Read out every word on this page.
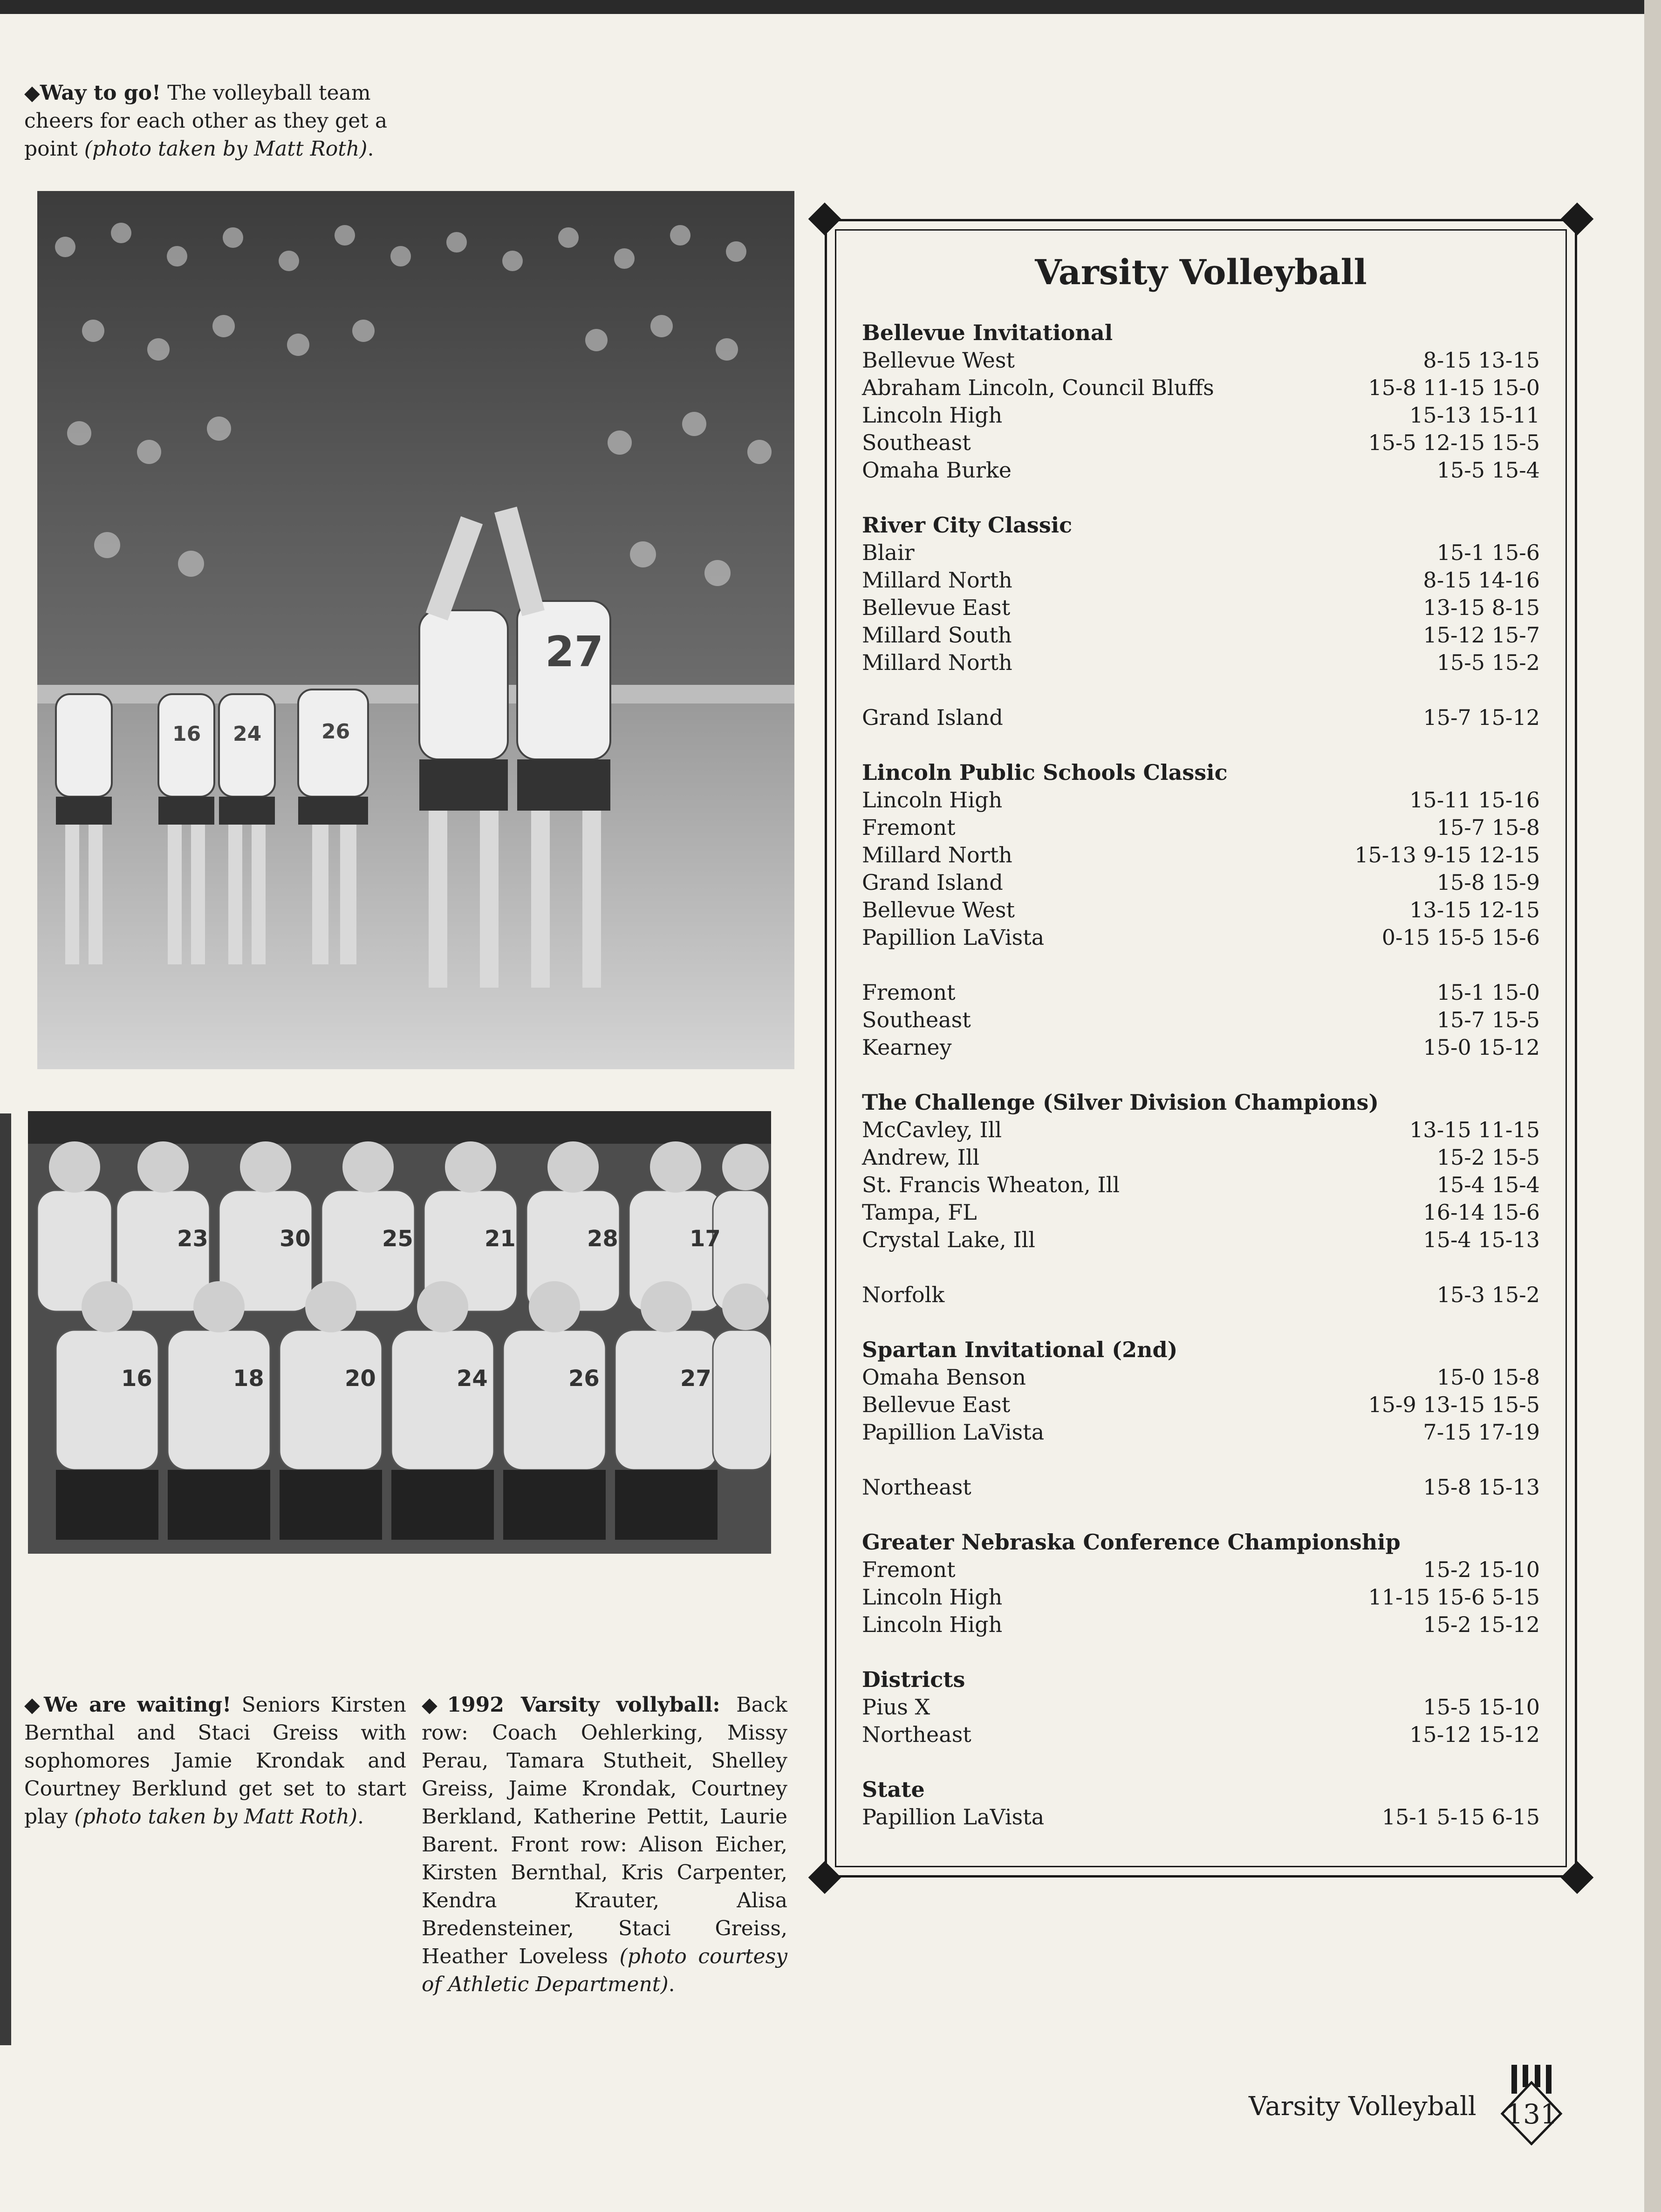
◆Way to go! The volleyball team cheers for each other as they get a point (photo taken by Matt Roth).
16 24	26
27
23	30	25	21	28	17
16	18	20	24	26	27
◆We are waiting! Seniors Kirsten Bernthal and Staci Greiss with sophomores Jamie Krondak and Courtney Berklund get set to start play (photo taken by Matt Roth).
◆1992 Varsity vollyball: Back row: Coach Oehlerking, Missy Perau, Tamara Stutheit, Shelley Greiss, Jaime Krondak, Courtney Berkland, Katherine Pettit, Laurie Barent. Front row: Alison Eicher, Kirsten Bernthal, Kris Carpenter, Kendra Krauter, Alisa Bredensteiner, Staci Greiss, Heather Loveless (photo courtesy of Athletic Department).
Varsity Volleyball
Bellevue Invitational
Bellevue West	8-15 13-15
Abraham Lincoln, Council Bluffs	15-8 11-15 15-0
Lincoln High	15-13 15-11
Southeast	15-5 12-15 15-5
Omaha Burke	15-5 15-4
River City Classic
Blair	15-1 15-6
Millard North	8-15 14-16
Bellevue East	13-15 8-15
Millard South	15-12 15-7
Millard North	15-5 15-2
Grand Island	15-7 15-12
Lincoln Public Schools Classic
Lincoln High	15-11 15-16
Fremont	15-7 15-8
Millard North	15-13 9-15 12-15
Grand Island	15-8 15-9
Bellevue West	13-15 12-15
Papillion LaVista	0-15 15-5 15-6
Fremont	15-1 15-0
Southeast	15-7 15-5
Kearney	15-0 15-12
The Challenge (Silver Division Champions)
McCavley, Ill	13-15 11-15
Andrew, Ill	15-2 15-5
St. Francis Wheaton, Ill	15-4 15-4
Tampa, FL	16-14 15-6
Crystal Lake, Ill	15-4 15-13
Norfolk	15-3 15-2
Spartan Invitational (2nd)
Omaha Benson	15-0 15-8
Bellevue East	15-9 13-15 15-5
Papillion LaVista	7-15 17-19
Northeast	15-8 15-13
Greater Nebraska Conference Championship
Fremont	15-2 15-10
Lincoln High	11-15 15-6 5-15
Lincoln High	15-2 15-12
Districts
Pius X	15-5 15-10
Northeast	15-12 15-12
State
Papillion LaVista	15-1 5-15 6-15
Varsity Volleyball	131
